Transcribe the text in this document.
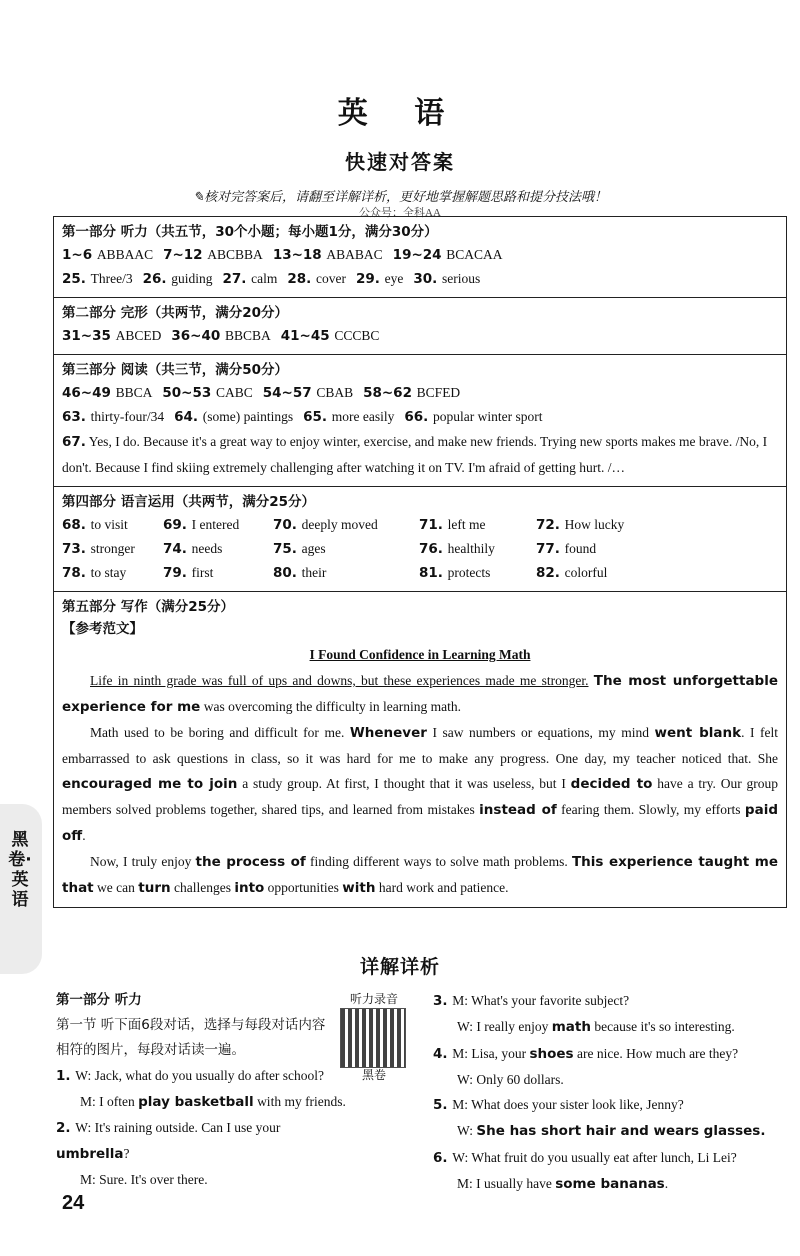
英 语
快速对答案
✎核对完答案后，请翻至详解详析，更好地掌握解题思路和提分技法哦！
公众号：全科AA
第一部分 听力（共五节，30个小题；每小题1分，满分30分）
1~6 ABBAAC 7~12 ABCBBA 13~18 ABABAC 19~24 BCACAA
25. Three/3 26. guiding 27. calm 28. cover 29. eye 30. serious
第二部分 完形（共两节，满分20分）
31~35 ABCED 36~40 BBCBA 41~45 CCCBC
第三部分 阅读（共三节，满分50分）
46~49 BBCA 50~53 CABC 54~57 CBAB 58~62 BCFED
63. thirty-four/34 64. (some) paintings 65. more easily 66. popular winter sport
67. Yes, I do. Because it's a great way to enjoy winter, exercise, and make new friends. Trying new sports makes me brave. /No, I don't. Because I find skiing extremely challenging after watching it on TV. I'm afraid of getting hurt. /…
第四部分 语言运用（共两节，满分25分）
68. to visit	69. I entered	70. deeply moved	71. left me	72. How lucky
73. stronger	74. needs	75. ages	76. healthily	77. found
78. to stay	79. first	80. their	81. protects	82. colorful
第五部分 写作（满分25分）
【参考范文】
I Found Confidence in Learning Math
Life in ninth grade was full of ups and downs, but these experiences made me stronger. The most unforgettable experience for me was overcoming the difficulty in learning math.
Math used to be boring and difficult for me. Whenever I saw numbers or equations, my mind went blank. I felt embarrassed to ask questions in class, so it was hard for me to make any progress. One day, my teacher noticed that. She encouraged me to join a study group. At first, I thought that it was useless, but I decided to have a try. Our group members solved problems together, shared tips, and learned from mistakes instead of fearing them. Slowly, my efforts paid off.
Now, I truly enjoy the process of finding different ways to solve math problems. This experience taught me that we can turn challenges into opportunities with hard work and patience.
黑卷·英语
详解详析
第一部分 听力
第一节 听下面6段对话，选择与每段对话内容相符的图片，每段对话读一遍。
1. W: Jack, what do you usually do after school?
M: I often play basketball with my friends.
2. W: It's raining outside. Can I use your umbrella?
M: Sure. It's over there.
听力录音
黑卷
3. M: What's your favorite subject?
W: I really enjoy math because it's so interesting.
4. M: Lisa, your shoes are nice. How much are they?
W: Only 60 dollars.
5. M: What does your sister look like, Jenny?
W: She has short hair and wears glasses.
6. W: What fruit do you usually eat after lunch, Li Lei?
M: I usually have some bananas.
24
